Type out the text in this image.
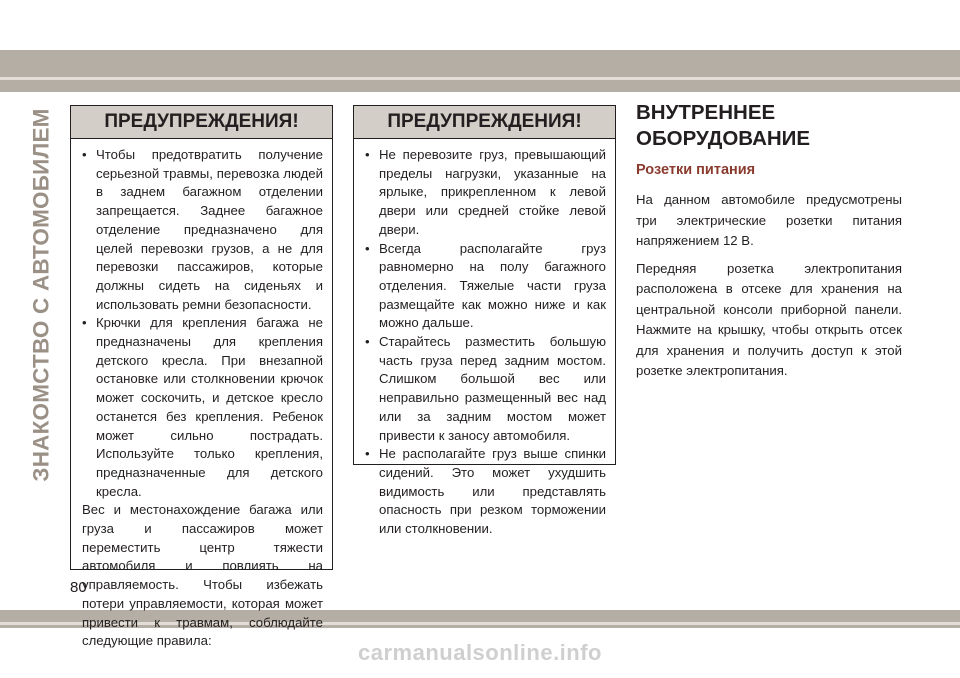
ЗНАКОМСТВО С АВТОМОБИЛЕМ	ПРЕДУПРЕЖДЕНИЯ!
• Чтобы предотвратить получение серьезной травмы, перевозка людей в заднем багажном отделении запрещается. Заднее багажное отделение предназначено для целей перевозки грузов, а не для перевозки пассажиров, которые должны сидеть на сиденьях и использовать ремни безопасности.
• Крючки для крепления багажа не предназначены для крепления детского кресла. При внезапной остановке или столкновении крючок может соскочить, и детское кресло останется без крепления. Ребенок может сильно пострадать. Используйте только крепления, предназначенные для детского кресла.

Вес и местонахождение багажа или груза и пассажиров может переместить центр тяжести автомобиля и повлиять на управляемость. Чтобы избежать потери управляемости, которая может привести к травмам, соблюдайте следующие правила:

ПРЕДУПРЕЖДЕНИЯ!
• Не перевозите груз, превышающий пределы нагрузки, указанные на ярлыке, прикрепленном к левой двери или средней стойке левой двери.
• Всегда располагайте груз равномерно на полу багажного отделения. Тяжелые части груза размещайте как можно ниже и как можно дальше.
• Старайтесь разместить большую часть груза перед задним мостом. Слишком большой вес или неправильно размещенный вес над или за задним мостом может привести к заносу автомобиля.
• Не располагайте груз выше спинки сидений. Это может ухудшить видимость или представлять опасность при резком торможении или столкновении.
ВНУТРЕННЕЕ ОБОРУДОВАНИЕ
Розетки питания

На данном автомобиле предусмотрены три электрические розетки питания напряжением 12 В.

Передняя розетка электропитания расположена в отсеке для хранения на центральной консоли приборной панели. Нажмите на крышку, чтобы открыть отсек для хранения и получить доступ к этой розетке электропитания.

80
carmanualsonline.info
